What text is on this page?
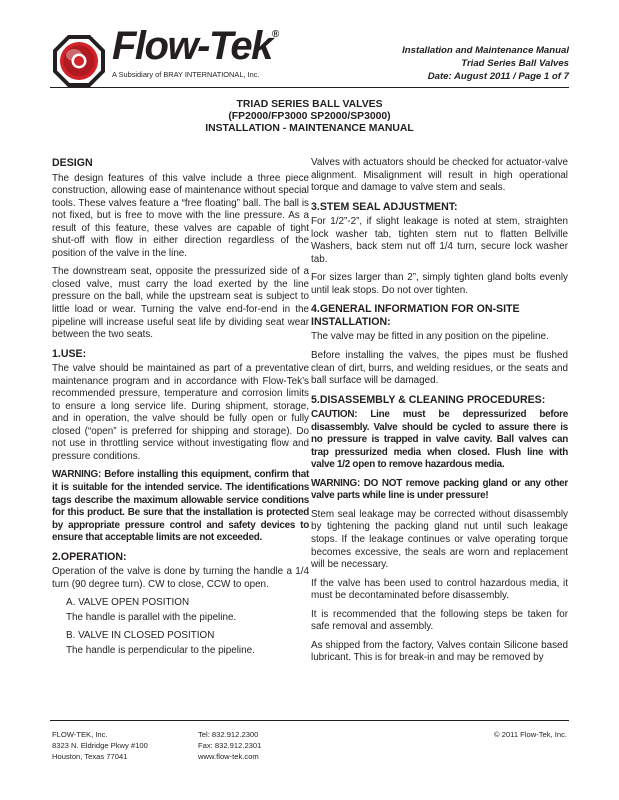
Flow-Tek®
A Subsidiary of BRAY INTERNATIONAL, Inc.
Installation and Maintenance Manual
Triad Series Ball Valves
Date: August 2011 / Page 1 of 7
TRIAD SERIES BALL VALVES
(FP2000/FP3000 SP2000/SP3000)
INSTALLATION - MAINTENANCE MANUAL
DESIGN

The design features of this valve include a three piece construction, allowing ease of maintenance without special tools. These valves feature a “free floating” ball. The ball is not fixed, but is free to move with the line pressure. As a result of this feature, these valves are capable of tight shut-off with flow in either direction regardless of the position of the valve in the line.

The downstream seat, opposite the pressurized side of a closed valve, must carry the load exerted by the line pressure on the ball, while the upstream seat is subject to little load or wear. Turning the valve end-for-end in the pipeline will increase useful seat life by dividing seat wear between the two seats.

1.USE:

The valve should be maintained as part of a preventative maintenance program and in accordance with Flow-Tek’s recommended pressure, temperature and corrosion limits to ensure a long service life. During shipment, storage, and in operation, the valve should be fully open or fully closed (“open” is preferred for shipping and storage). Do not use in throttling service without investigating flow and pressure conditions.

WARNING: Before installing this equipment, confirm that it is suitable for the intended service. The identifications tags describe the maximum allowable service conditions for this product. Be sure that the installation is protected by appropriate pressure control and safety devices to ensure that acceptable limits are not exceeded.

2.OPERATION:

Operation of the valve is done by turning the handle a 1/4 turn (90 degree turn). CW to close, CCW to open.

A. VALVE OPEN POSITION

The handle is parallel with the pipeline.

B. VALVE IN CLOSED POSITION

The handle is perpendicular to the pipeline.

Valves with actuators should be checked for actuator-valve alignment. Misalignment will result in high operational torque and damage to valve stem and seals.

3.STEM SEAL ADJUSTMENT:

For 1/2”-2”, if slight leakage is noted at stem, straighten lock washer tab, tighten stem nut to flatten Bellville Washers, back stem nut off 1/4 turn, secure lock washer tab.

For sizes larger than 2”, simply tighten gland bolts evenly until leak stops. Do not over tighten.

4.GENERAL INFORMATION FOR ON-SITE INSTALLATION:

The valve may be fitted in any position on the pipeline.

Before installing the valves, the pipes must be flushed clean of dirt, burrs, and welding residues, or the seats and ball surface will be damaged.

5.DISASSEMBLY & CLEANING PROCEDURES:

CAUTION: Line must be depressurized before disassembly. Valve should be cycled to assure there is no pressure is trapped in valve cavity. Ball valves can trap pressurized media when closed. Flush line with valve 1/2 open to remove hazardous media.

WARNING: DO NOT remove packing gland or any other valve parts while line is under pressure!

Stem seal leakage may be corrected without disassembly by tightening the packing gland nut until such leakage stops. If the leakage continues or valve operating torque becomes excessive, the seals are worn and replacement will be necessary.

If the valve has been used to control hazardous media, it must be decontaminated before disassembly.

It is recommended that the following steps be taken for safe removal and assembly.

As shipped from the factory, Valves contain Silicone based lubricant. This is for break-in and may be removed by

FLOW-TEK, Inc.
8323 N. Eldridge Pkwy #100
Houston, Texas 77041
Tel: 832.912.2300
Fax: 832.912.2301
www.flow-tek.com
© 2011 Flow-Tek, Inc.
